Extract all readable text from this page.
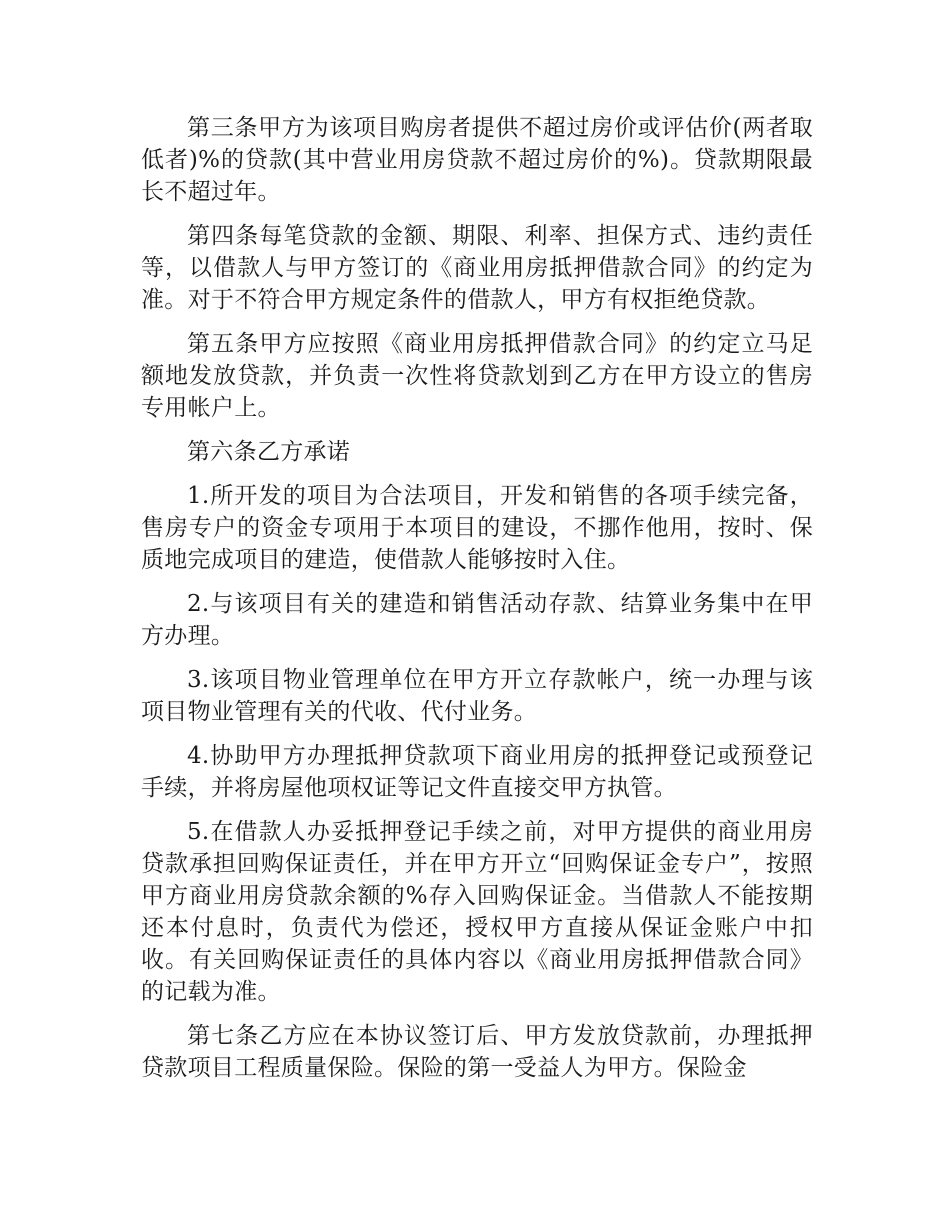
第三条甲方为该项目购房者提供不超过房价或评估价(两者取低者)%的贷款(其中营业用房贷款不超过房价的%)。贷款期限最长不超过年。

第四条每笔贷款的金额、期限、利率、担保方式、违约责任等，以借款人与甲方签订的《商业用房抵押借款合同》的约定为准。对于不符合甲方规定条件的借款人，甲方有权拒绝贷款。

第五条甲方应按照《商业用房抵押借款合同》的约定立马足额地发放贷款，并负责一次性将贷款划到乙方在甲方设立的售房专用帐户上。

第六条乙方承诺

1.所开发的项目为合法项目，开发和销售的各项手续完备，售房专户的资金专项用于本项目的建设，不挪作他用，按时、保质地完成项目的建造，使借款人能够按时入住。

2.与该项目有关的建造和销售活动存款、结算业务集中在甲方办理。

3.该项目物业管理单位在甲方开立存款帐户，统一办理与该项目物业管理有关的代收、代付业务。

4.协助甲方办理抵押贷款项下商业用房的抵押登记或预登记手续，并将房屋他项权证等记文件直接交甲方执管。

5.在借款人办妥抵押登记手续之前，对甲方提供的商业用房贷款承担回购保证责任，并在甲方开立“回购保证金专户”，按照甲方商业用房贷款余额的%存入回购保证金。当借款人不能按期还本付息时，负责代为偿还，授权甲方直接从保证金账户中扣收。有关回购保证责任的具体内容以《商业用房抵押借款合同》的记载为准。

第七条乙方应在本协议签订后、甲方发放贷款前，办理抵押贷款项目工程质量保险。保险的第一受益人为甲方。保险金
